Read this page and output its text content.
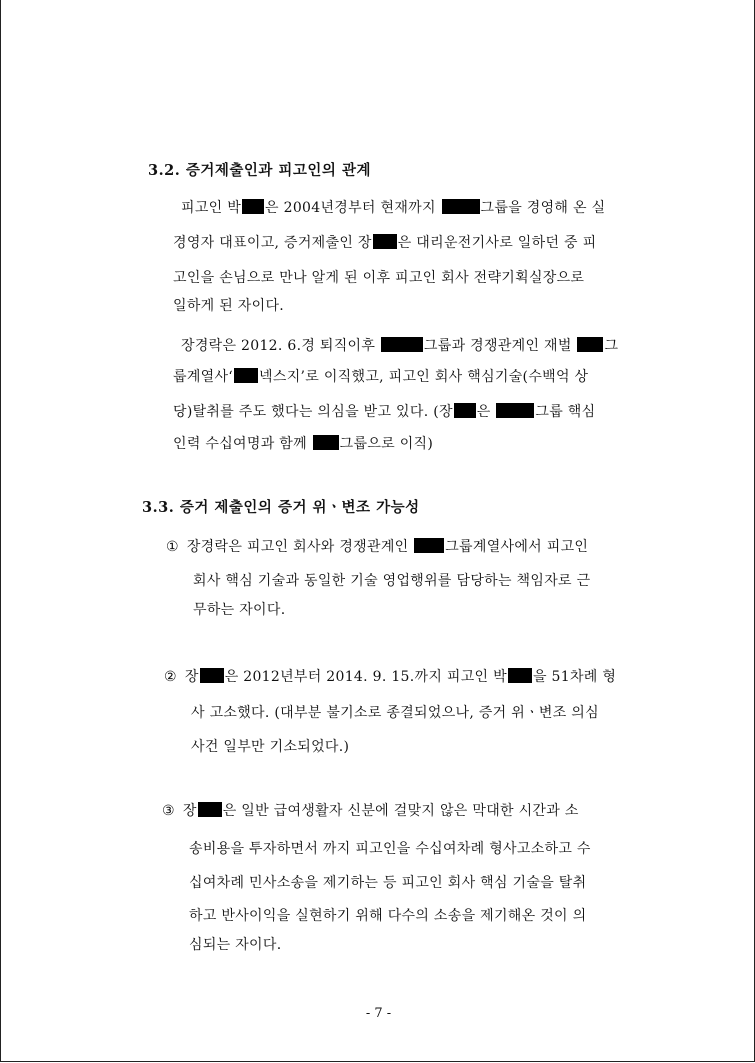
3.2. 증거제출인과 피고인의 관계
피고인 박 은 2004년경부터 현재까지	그룹을 경영해 온 실
경영자 대표이고, 증거제출인 장 은 대리운전기사로 일하던 중 피
고인을 손님으로 만나 알게 된 이후 피고인 회사 전략기획실장으로
일하게 된 자이다.
장경락은 2012. 6.경 퇴직이후	그룹과 경쟁관계인 재벌 그
룹계열사‘ 넥스지’로 이직했고, 피고인 회사 핵심기술(수백억 상
당)탈취를 주도 했다는 의심을 받고 있다. (장 은	그룹 핵심
인력 수십여명과 함께 그룹으로 이직)
3.3. 증거 제출인의 증거 위ㆍ변조 가능성
① 장경락은 피고인 회사와 경쟁관계인 그룹계열사에서 피고인
회사 핵심 기술과 동일한 기술 영업행위를 담당하는 책임자로 근
무하는 자이다.
② 장 은 2012년부터 2014. 9. 15.까지 피고인 박 을 51차례 형
사 고소했다. (대부분 불기소로 종결되었으나, 증거 위ㆍ변조 의심
사건 일부만 기소되었다.)
③ 장 은 일반 급여생활자 신분에 걸맞지 않은 막대한 시간과 소
송비용을 투자하면서 까지 피고인을 수십여차례 형사고소하고 수
십여차례 민사소송을 제기하는 등 피고인 회사 핵심 기술을 탈취
하고 반사이익을 실현하기 위해 다수의 소송을 제기해온 것이 의
심되는 자이다.
- 7 -
